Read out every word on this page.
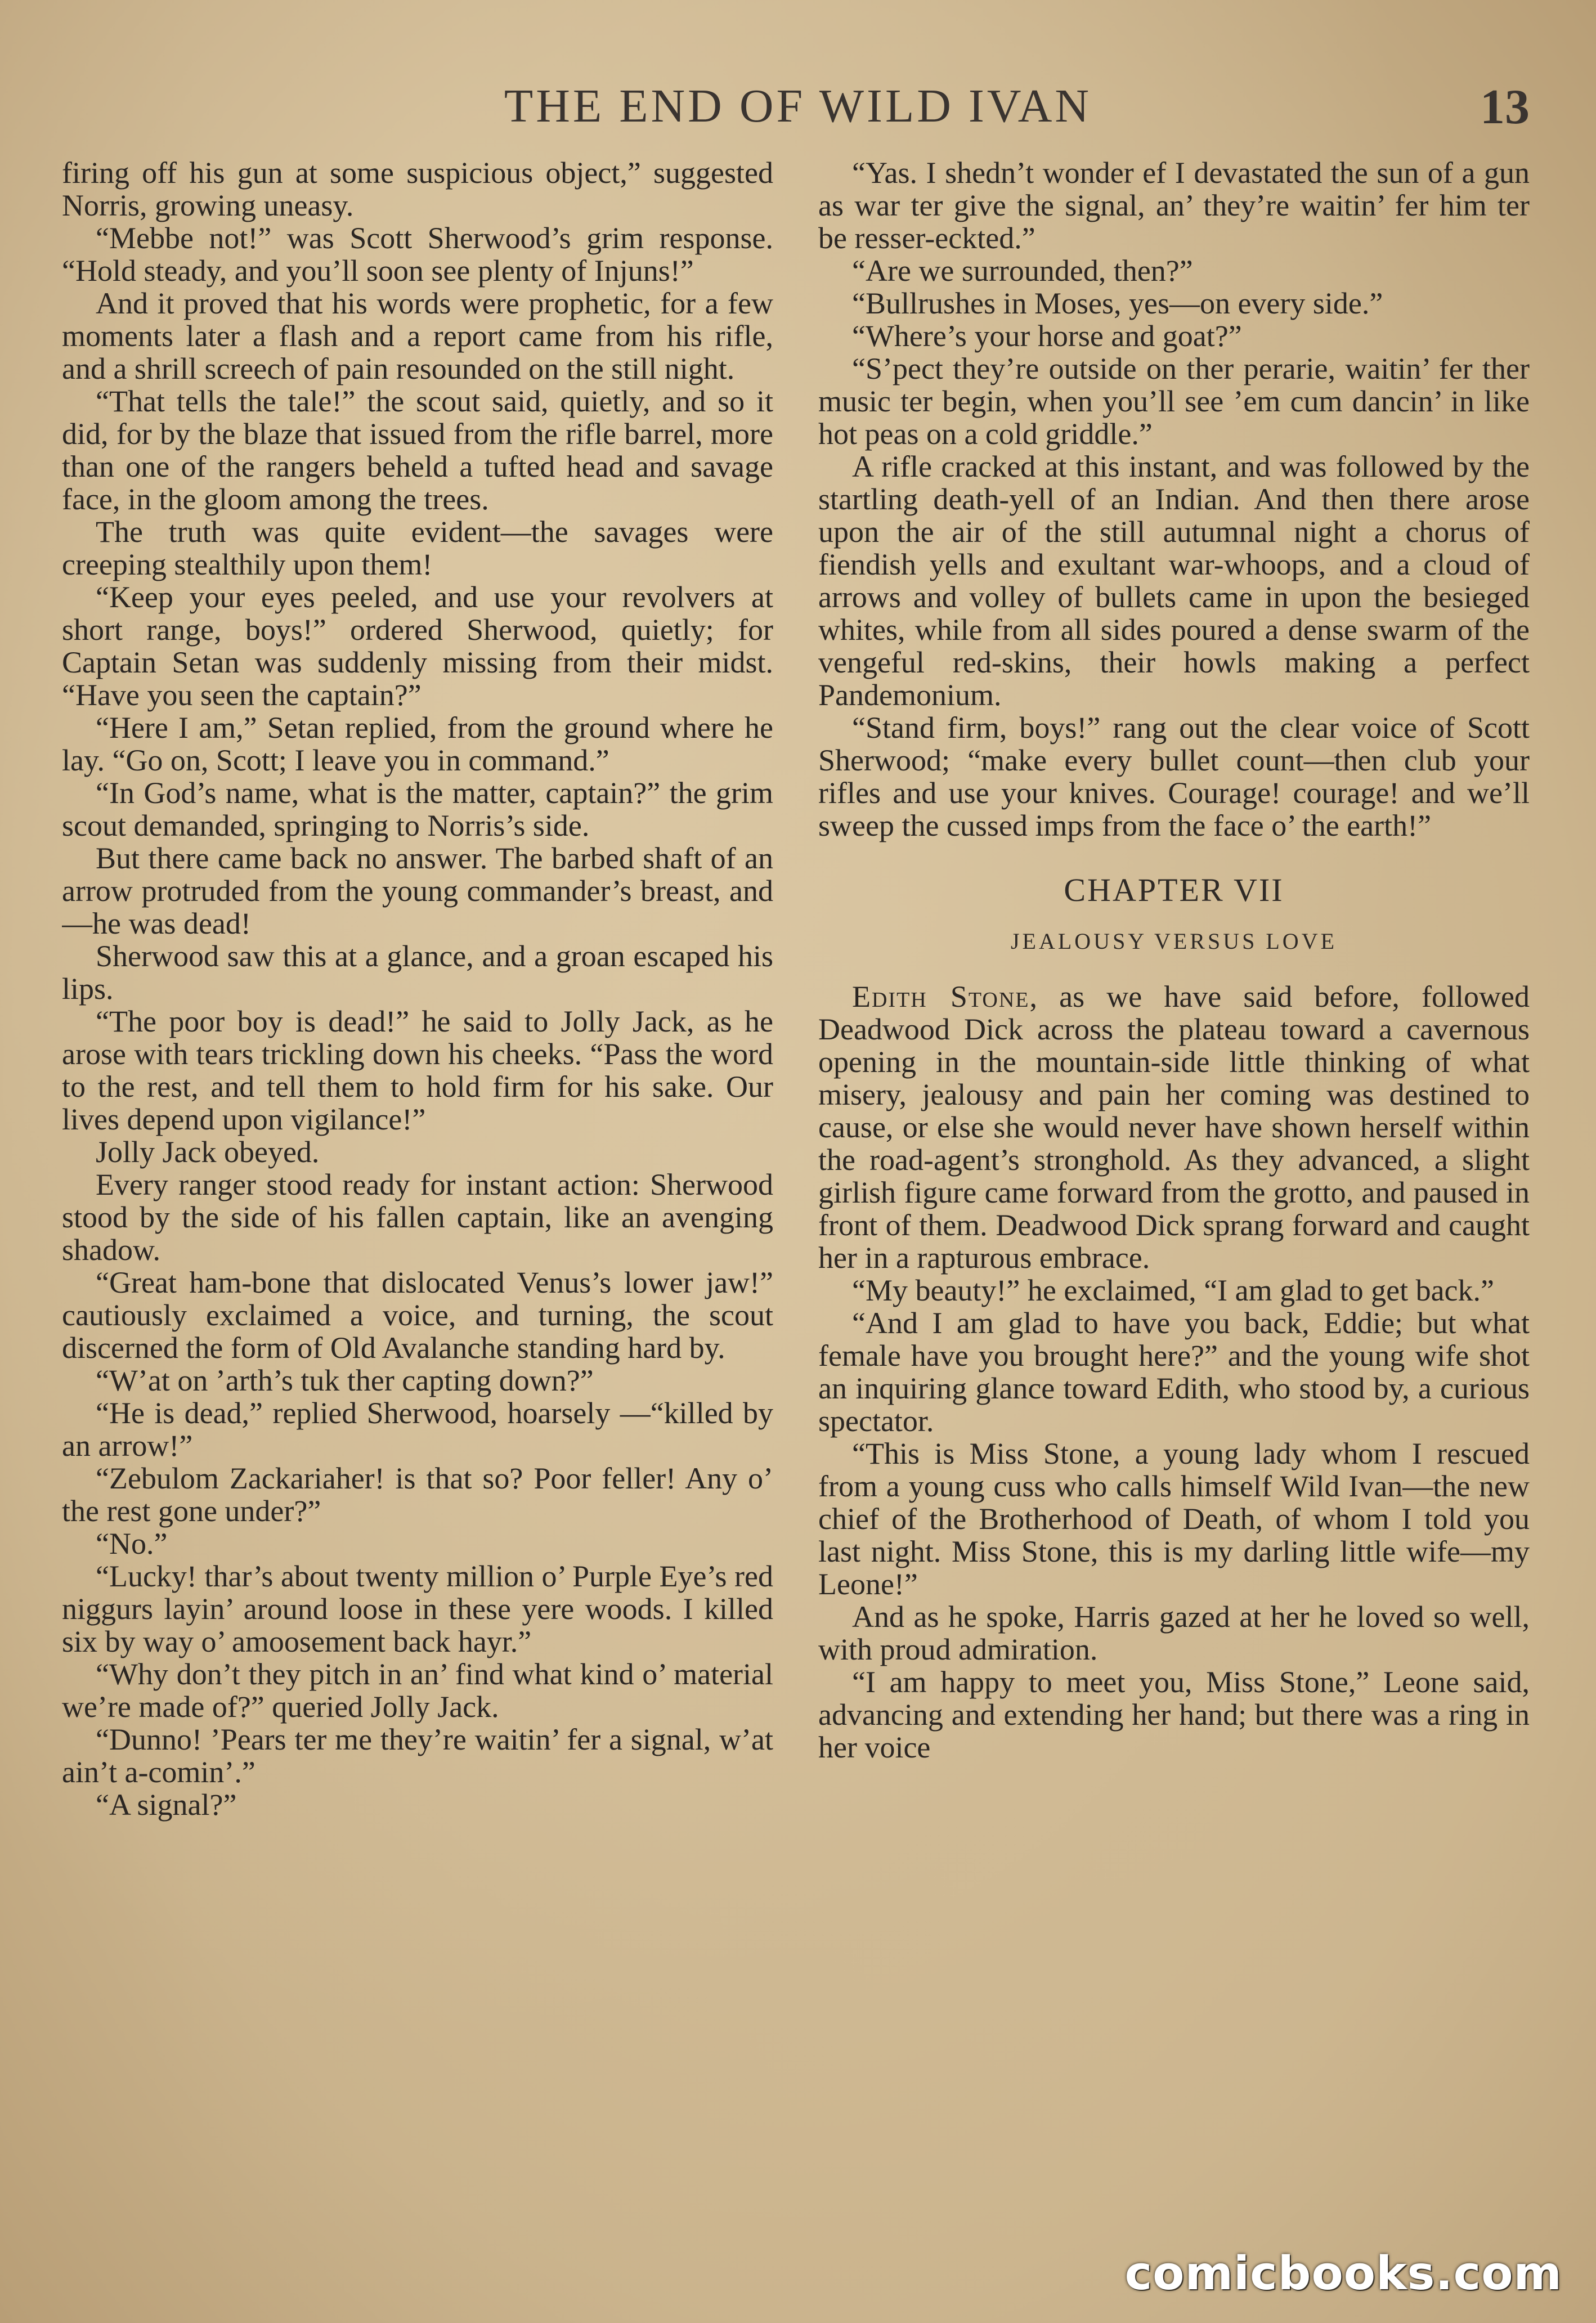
THE END OF WILD IVAN	13

firing off his gun at some suspicious object,” suggested Norris, growing uneasy.

“Mebbe not!” was Scott Sherwood’s grim response. “Hold steady, and you’ll soon see plenty of Injuns!”

And it proved that his words were prophetic, for a few moments later a flash and a report came from his rifle, and a shrill screech of pain resounded on the still night.

“That tells the tale!” the scout said, quietly, and so it did, for by the blaze that issued from the rifle barrel, more than one of the rangers beheld a tufted head and savage face, in the gloom among the trees.

The truth was quite evident—the savages were creeping stealthily upon them!

“Keep your eyes peeled, and use your revolvers at short range, boys!” ordered Sherwood, quietly; for Captain Setan was suddenly missing from their midst. “Have you seen the captain?”

“Here I am,” Setan replied, from the ground where he lay. “Go on, Scott; I leave you in command.”

“In God’s name, what is the matter, captain?” the grim scout demanded, springing to Norris’s side.

But there came back no answer. The barbed shaft of an arrow protruded from the young commander’s breast, and—he was dead!

Sherwood saw this at a glance, and a groan escaped his lips.

“The poor boy is dead!” he said to Jolly Jack, as he arose with tears trickling down his cheeks. “Pass the word to the rest, and tell them to hold firm for his sake. Our lives depend upon vigilance!”

Jolly Jack obeyed.

Every ranger stood ready for instant action: Sherwood stood by the side of his fallen captain, like an avenging shadow.

“Great ham-bone that dislocated Venus’s lower jaw!” cautiously exclaimed a voice, and turning, the scout discerned the form of Old Avalanche standing hard by.

“W’at on ’arth’s tuk ther capting down?”

“He is dead,” replied Sherwood, hoarsely —“killed by an arrow!”

“Zebulom Zackariaher! is that so? Poor feller! Any o’ the rest gone under?”

“No.”

“Lucky! thar’s about twenty million o’ Purple Eye’s red niggurs layin’ around loose in these yere woods. I killed six by way o’ amoosement back hayr.”

“Why don’t they pitch in an’ find what kind o’ material we’re made of?” queried Jolly Jack.

“Dunno! ’Pears ter me they’re waitin’ fer a signal, w’at ain’t a-comin’.”

“A signal?”

“Yas. I shedn’t wonder ef I devastated the sun of a gun as war ter give the signal, an’ they’re waitin’ fer him ter be resser-eckted.”

“Are we surrounded, then?”

“Bullrushes in Moses, yes—on every side.”

“Where’s your horse and goat?”

“S’pect they’re outside on ther perarie, waitin’ fer ther music ter begin, when you’ll see ’em cum dancin’ in like hot peas on a cold griddle.”

A rifle cracked at this instant, and was followed by the startling death-yell of an Indian. And then there arose upon the air of the still autumnal night a chorus of fiendish yells and exultant war-whoops, and a cloud of arrows and volley of bullets came in upon the besieged whites, while from all sides poured a dense swarm of the vengeful red-skins, their howls making a perfect Pandemonium.

“Stand firm, boys!” rang out the clear voice of Scott Sherwood; “make every bullet count—then club your rifles and use your knives. Courage! courage! and we’ll sweep the cussed imps from the face o’ the earth!”

CHAPTER VII
JEALOUSY VERSUS LOVE

Edith Stone, as we have said before, followed Deadwood Dick across the plateau toward a cavernous opening in the mountain-side little thinking of what misery, jealousy and pain her coming was destined to cause, or else she would never have shown herself within the road-agent’s stronghold. As they advanced, a slight girlish figure came forward from the grotto, and paused in front of them. Deadwood Dick sprang forward and caught her in a rapturous embrace.

“My beauty!” he exclaimed, “I am glad to get back.”

“And I am glad to have you back, Eddie; but what female have you brought here?” and the young wife shot an inquiring glance toward Edith, who stood by, a curious spectator.

“This is Miss Stone, a young lady whom I rescued from a young cuss who calls himself Wild Ivan—the new chief of the Brotherhood of Death, of whom I told you last night. Miss Stone, this is my darling little wife—my Leone!”

And as he spoke, Harris gazed at her he loved so well, with proud admiration.

“I am happy to meet you, Miss Stone,” Leone said, advancing and extending her hand; but there was a ring in her voice

comicbooks.com
